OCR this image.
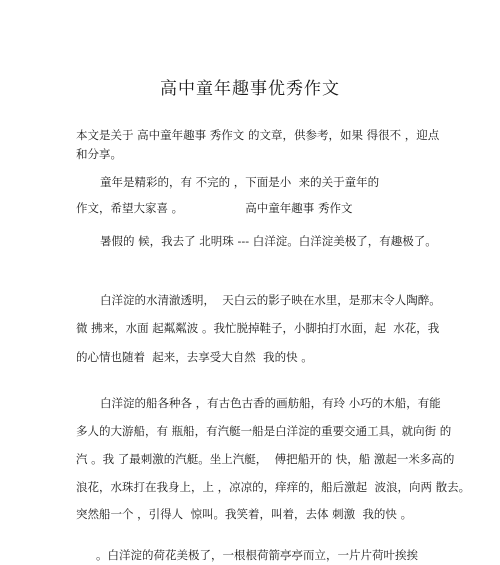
高中童年趣事优秀作文
本文是关于 高中童年趣事 秀作文 的文章，供参考，如果 得很不 ，迎点
和分享。
童年是精彩的，有 不完的 ，下面是小  来的关于童年的
作文，希望大家喜 。                 高中童年趣事 秀作文
暑假的 候，我去了 北明珠 --- 白洋淀。白洋淀美极了，有趣极了。
白洋淀的水清澈透明，  天白云的影子映在水里，是那末令人陶醉。
微 拂来，水面 起粼粼波 。我忙脱掉鞋子，小脚拍打水面，起  水花，我
的心情也随着  起来，去享受大自然  我的快 。
白洋淀的船各种各 ，有古色古香的画舫船，有玲 小巧的木船，有能
多人的大游船，有 瓶船，有汽艇一船是白洋淀的重要交通工具，就向街 的
汽 。我 了最刺激的汽艇。坐上汽艇，  傅把船开的 快，船 激起一米多高的
浪花，水珠打在我身上，上 ，凉凉的，痒痒的，船后激起  波浪，向两 散去。
突然船一个 ，引得人  惊叫。我笑着，叫着，去体 刺激  我的快 。
。白洋淀的荷花美极了，一根根荷箭亭亭而立，一片片荷叶挨挨
